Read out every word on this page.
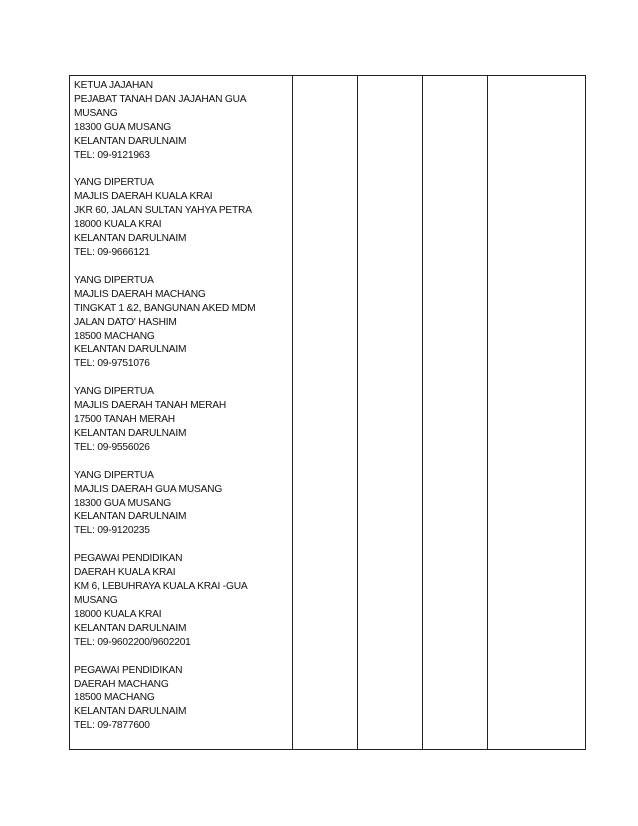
KETUA JAJAHAN
PEJABAT TANAH DAN JAJAHAN GUA
MUSANG
18300 GUA MUSANG
KELANTAN DARULNAIM
TEL: 09-9121963
YANG DIPERTUA
MAJLIS DAERAH KUALA KRAI
JKR 60, JALAN SULTAN YAHYA PETRA
18000 KUALA KRAI
KELANTAN DARULNAIM
TEL: 09-9666121
YANG DIPERTUA
MAJLIS DAERAH MACHANG
TINGKAT 1 &2, BANGUNAN AKED MDM
JALAN DATO' HASHIM
18500 MACHANG
KELANTAN DARULNAIM
TEL: 09-9751076
YANG DIPERTUA
MAJLIS DAERAH TANAH MERAH
17500 TANAH MERAH
KELANTAN DARULNAIM
TEL: 09-9556026
YANG DIPERTUA
MAJLIS DAERAH GUA MUSANG
18300 GUA MUSANG
KELANTAN DARULNAIM
TEL: 09-9120235
PEGAWAI PENDIDIKAN
DAERAH KUALA KRAI
KM 6, LEBUHRAYA KUALA KRAI -GUA
MUSANG
18000 KUALA KRAI
KELANTAN DARULNAIM
TEL: 09-9602200/9602201
PEGAWAI PENDIDIKAN
DAERAH MACHANG
18500 MACHANG
KELANTAN DARULNAIM
TEL: 09-7877600
